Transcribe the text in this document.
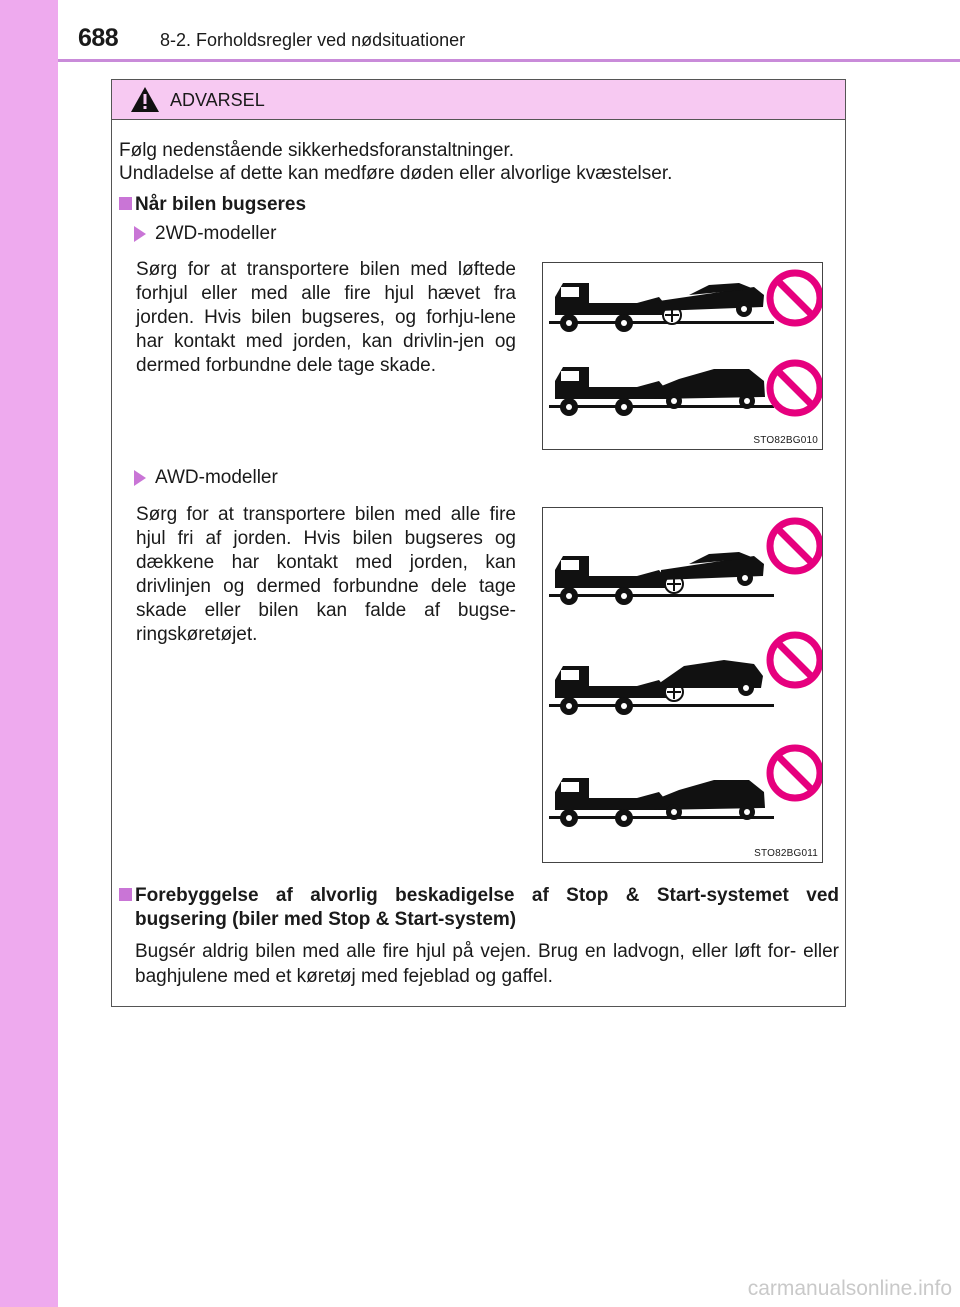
688 8-2. Forholdsregler ved nødsituationer
ADVARSEL
Følg nedenstående sikkerhedsforanstaltninger.
Undladelse af dette kan medføre døden eller alvorlige kvæstelser.
Når bilen bugseres
2WD-modeller
Sørg for at transportere bilen med løftede forhjul eller med alle fire hjul hævet fra jorden. Hvis bilen bugseres, og forhju-lene har kontakt med jorden, kan drivlin-jen og dermed forbundne dele tage skade.
STO82BG010
AWD-modeller
Sørg for at transportere bilen med alle fire hjul fri af jorden. Hvis bilen bugseres og dækkene har kontakt med jorden, kan drivlinjen og dermed forbundne dele tage skade eller bilen kan falde af bugse-ringskøretøjet.
STO82BG011
Forebyggelse af alvorlig beskadigelse af Stop & Start-systemet ved bugsering (biler med Stop & Start-system)
Bugsér aldrig bilen med alle fire hjul på vejen. Brug en ladvogn, eller løft for- eller baghjulene med et køretøj med fejeblad og gaffel.
carmanualsonline.info
